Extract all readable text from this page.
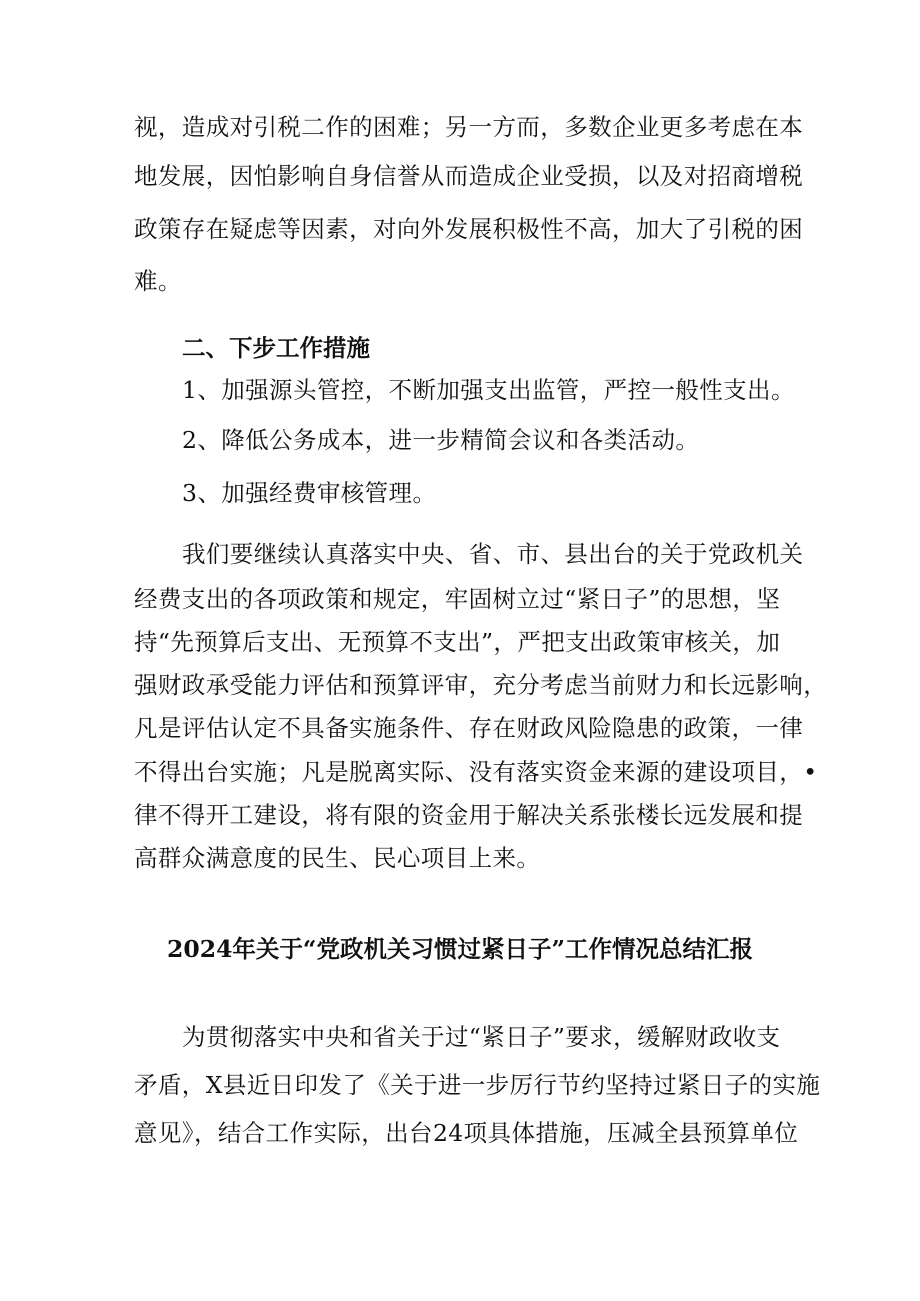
视，造成对引税二作的困难；另一方而，多数企业更多考虑在本
地发展，因怕影响自身信誉从而造成企业受损，以及对招商增税
政策存在疑虑等因素，对向外发展积极性不高，加大了引税的困
难。
二、下步工作措施
1、加强源头管控，不断加强支出监管，严控一般性支出。
2、降低公务成本，进一步精简会议和各类活动。
3、加强经费审核管理。
我们要继续认真落实中央、省、市、县出台的关于党政机关
经费支出的各项政策和规定，牢固树立过“紧日子”的思想，坚
持“先预算后支出、无预算不支出”，严把支出政策审核关，加
强财政承受能力评估和预算评审，充分考虑当前财力和长远影响，
凡是评估认定不具备实施条件、存在财政风险隐患的政策，一律
不得出台实施；凡是脱离实际、没有落实资金来源的建设项目，•
律不得开工建设，将有限的资金用于解决关系张楼长远发展和提
高群众满意度的民生、民心项目上来。
2024年关于“党政机关习惯过紧日子”工作情况总结汇报
为贯彻落实中央和省关于过“紧日子”要求，缓解财政收支
矛盾，X县近日印发了《关于进一步厉行节约坚持过紧日子的实施
意见》，结合工作实际，出台24项具体措施，压减全县预算单位
